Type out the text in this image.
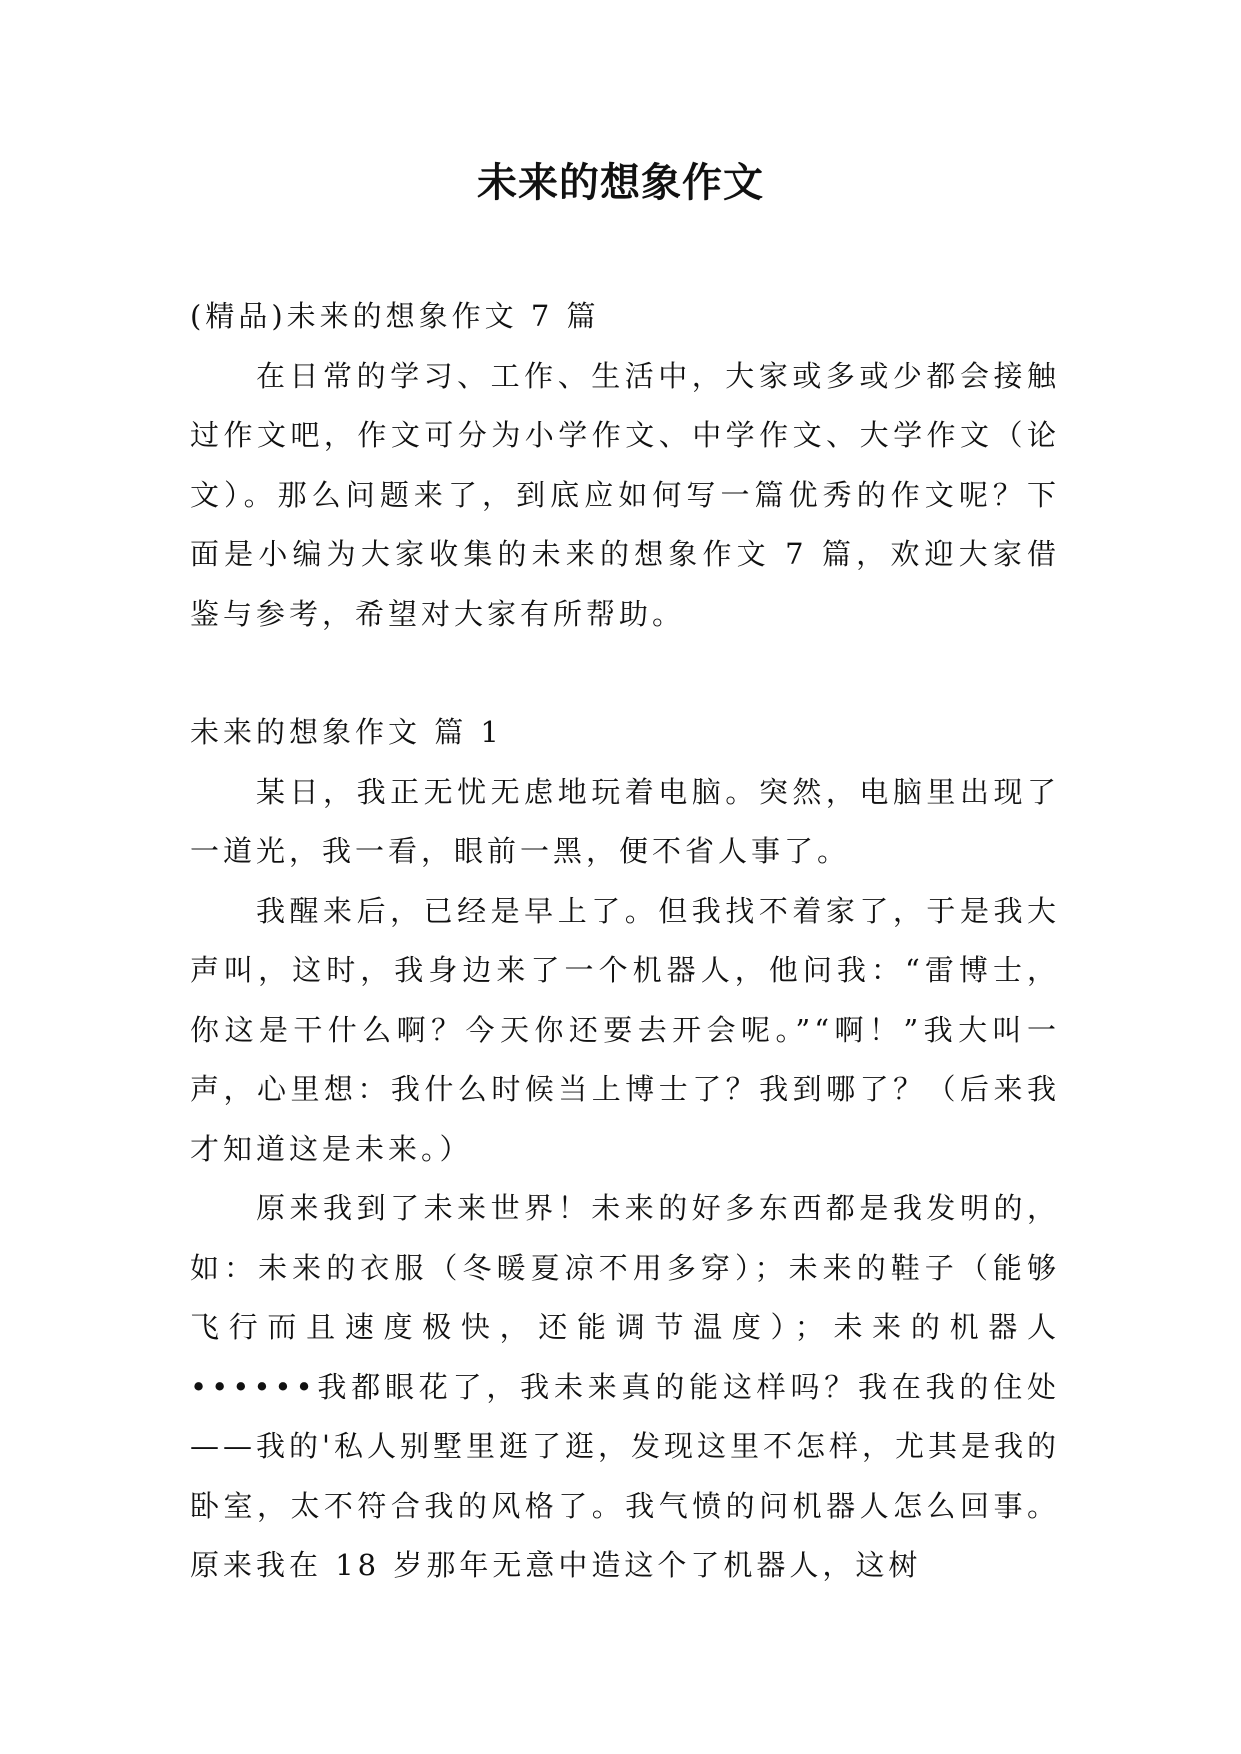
未来的想象作文

(精品)未来的想象作文 7 篇

在日常的学习、工作、生活中，大家或多或少都会接触过作文吧，作文可分为小学作文、中学作文、大学作文（论文）。那么问题来了，到底应如何写一篇优秀的作文呢？下面是小编为大家收集的未来的想象作文 7 篇，欢迎大家借鉴与参考，希望对大家有所帮助。

未来的想象作文 篇 1

某日，我正无忧无虑地玩着电脑。突然，电脑里出现了一道光，我一看，眼前一黑，便不省人事了。

我醒来后，已经是早上了。但我找不着家了，于是我大声叫，这时，我身边来了一个机器人，他问我：“雷博士，你这是干什么啊？今天你还要去开会呢。”“啊！”我大叫一声，心里想：我什么时候当上博士了？我到哪了？（后来我才知道这是未来。）

原来我到了未来世界！未来的好多东西都是我发明的，如：未来的衣服（冬暖夏凉不用多穿）；未来的鞋子（能够飞行而且速度极快，还能调节温度）；未来的机器人••••••我都眼花了，我未来真的能这样吗？我在我的住处——我的'私人别墅里逛了逛，发现这里不怎样，尤其是我的卧室，太不符合我的风格了。我气愤的问机器人怎么回事。原来我在 18 岁那年无意中造这个了机器人，这树
